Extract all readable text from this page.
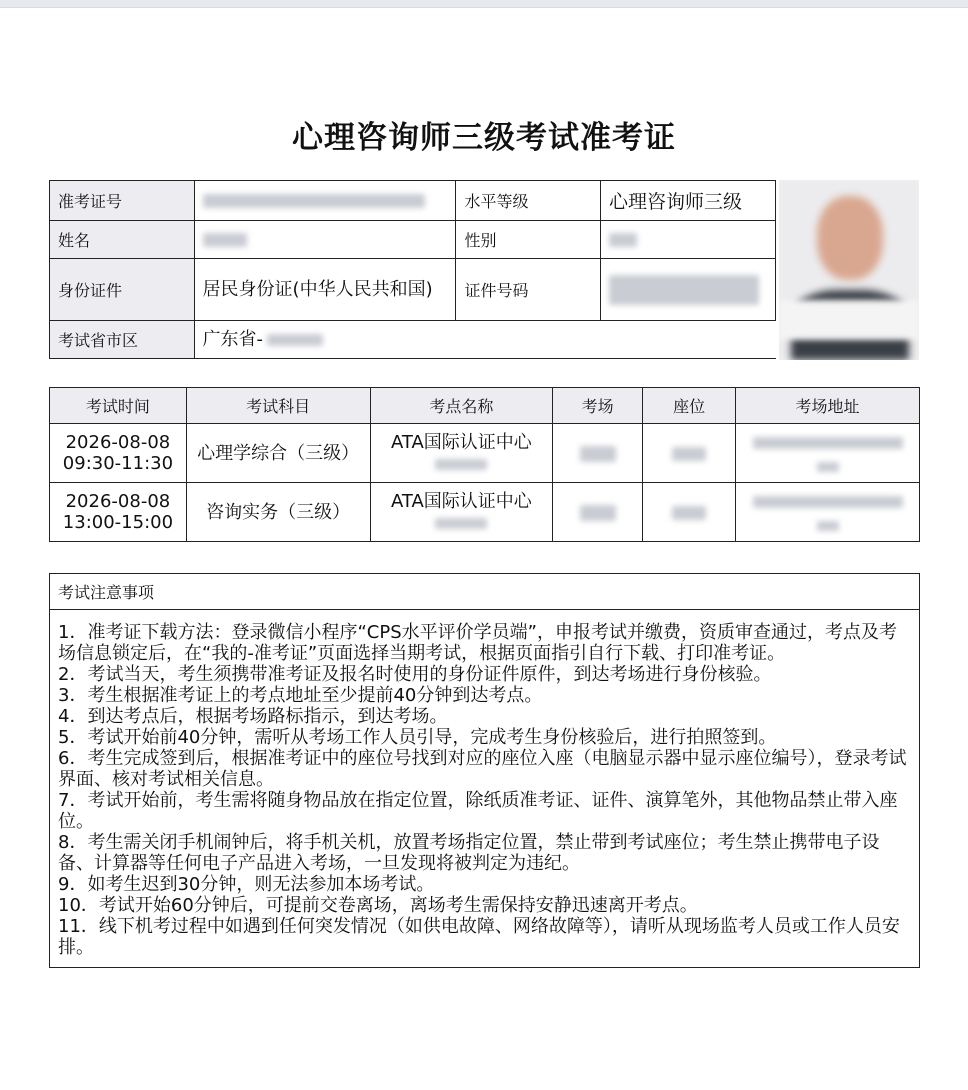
心理咨询师三级考试准考证
准考证号		水平等级	心理咨询师三级
姓名		性别	
身份证件	居民身份证(中华人民共和国)	证件号码	
考试省市区	广东省-		
考试时间	考试科目	考点名称	考场	座位	考场地址

2026-08-08
09:30-11:30	心理学综合（三级）	ATA国际认证中心			

2026-08-08
13:00-15:00	咨询实务（三级）	ATA国际认证中心			

考试注意事项

1．准考证下载方法：登录微信小程序“CPS水平评价学员端”，申报考试并缴费，资质审查通过，考点及考场信息锁定后，在“我的-准考证”页面选择当期考试，根据页面指引自行下载、打印准考证。
2．考试当天，考生须携带准考证及报名时使用的身份证件原件，到达考场进行身份核验。
3．考生根据准考证上的考点地址至少提前40分钟到达考点。
4．到达考点后，根据考场路标指示，到达考场。
5．考试开始前40分钟，需听从考场工作人员引导，完成考生身份核验后，进行拍照签到。
6．考生完成签到后，根据准考证中的座位号找到对应的座位入座（电脑显示器中显示座位编号），登录考试界面、核对考试相关信息。
7．考试开始前，考生需将随身物品放在指定位置，除纸质准考证、证件、演算笔外，其他物品禁止带入座位。
8．考生需关闭手机闹钟后，将手机关机，放置考场指定位置，禁止带到考试座位；考生禁止携带电子设备、计算器等任何电子产品进入考场，一旦发现将被判定为违纪。
9．如考生迟到30分钟，则无法参加本场考试。
10．考试开始60分钟后，可提前交卷离场，离场考生需保持安静迅速离开考点。
11．线下机考过程中如遇到任何突发情况（如供电故障、网络故障等），请听从现场监考人员或工作人员安排。
